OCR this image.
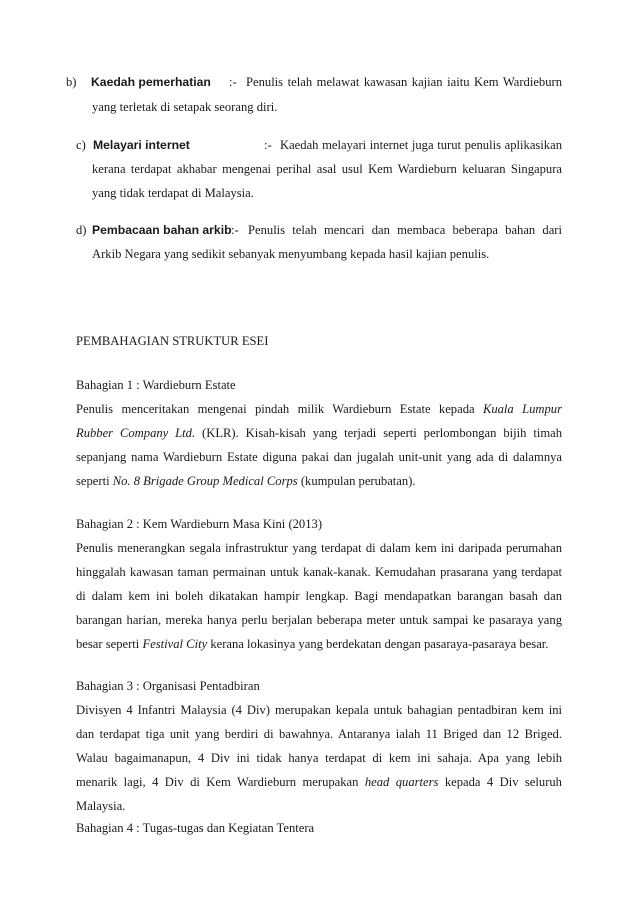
b) Kaedah pemerhatian :- Penulis telah melawat kawasan kajian iaitu Kem Wardieburn
yang terletak di setapak seorang diri.
c) Melayari internet	:- Kaedah melayari internet juga turut penulis aplikasikan
kerana terdapat akhabar mengenai perihal asal usul Kem Wardieburn keluaran Singapura
yang tidak terdapat di Malaysia.
d) Pembacaan bahan arkib :- Penulis telah mencari dan membaca beberapa bahan dari
Arkib Negara yang sedikit sebanyak menyumbang kepada hasil kajian penulis.
PEMBAHAGIAN STRUKTUR ESEI
Bahagian 1 : Wardieburn Estate
Penulis menceritakan mengenai pindah milik Wardieburn Estate kepada Kuala Lumpur
Rubber Company Ltd. (KLR). Kisah-kisah yang terjadi seperti perlombongan bijih timah
sepanjang nama Wardieburn Estate diguna pakai dan jugalah unit-unit yang ada di dalamnya
seperti No. 8 Brigade Group Medical Corps (kumpulan perubatan).
Bahagian 2 : Kem Wardieburn Masa Kini (2013)
Penulis menerangkan segala infrastruktur yang terdapat di dalam kem ini daripada perumahan
hinggalah kawasan taman permainan untuk kanak-kanak. Kemudahan prasarana yang terdapat
di dalam kem ini boleh dikatakan hampir lengkap. Bagi mendapatkan barangan basah dan
barangan harian, mereka hanya perlu berjalan beberapa meter untuk sampai ke pasaraya yang
besar seperti Festival City kerana lokasinya yang berdekatan dengan pasaraya-pasaraya besar.
Bahagian 3 : Organisasi Pentadbiran
Divisyen 4 Infantri Malaysia (4 Div) merupakan kepala untuk bahagian pentadbiran kem ini
dan terdapat tiga unit yang berdiri di bawahnya. Antaranya ialah 11 Briged dan 12 Briged.
Walau bagaimanapun, 4 Div ini tidak hanya terdapat di kem ini sahaja. Apa yang lebih
menarik lagi, 4 Div di Kem Wardieburn merupakan head quarters kepada 4 Div seluruh
Malaysia.
Bahagian 4 : Tugas-tugas dan Kegiatan Tentera
